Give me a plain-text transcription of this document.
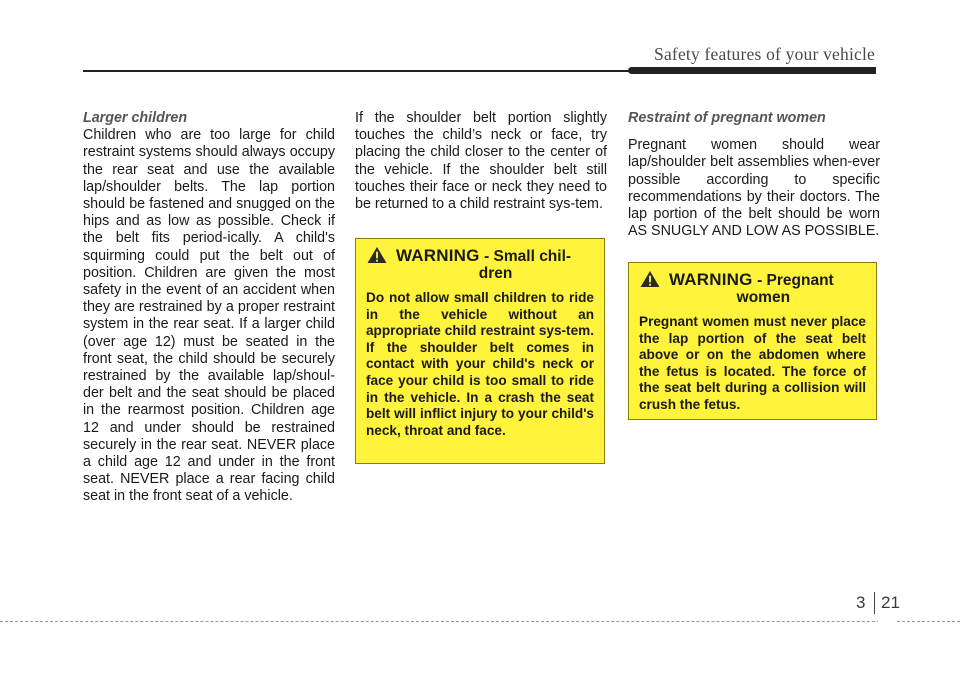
Safety features of your vehicle

Larger children

Children who are too large for child restraint systems should always occupy the rear seat and use the available lap/shoulder belts. The lap portion should be fastened and snugged on the hips and as low as possible. Check if the belt fits period-ically. A child's squirming could put the belt out of position. Children are given the most safety in the event of an accident when they are restrained by a proper restraint system in the rear seat. If a larger child (over age 12) must be seated in the front seat, the child should be securely restrained by the available lap/shoul-der belt and the seat should be placed in the rearmost position. Children age 12 and under should be restrained securely in the rear seat. NEVER place a child age 12 and under in the front seat. NEVER place a rear facing child seat in the front seat of a vehicle.

If the shoulder belt portion slightly touches the child’s neck or face, try placing the child closer to the center of the vehicle. If the shoulder belt still touches their face or neck they need to be returned to a child restraint sys-tem.

WARNING - Small chil-
dren
Do not allow small children to ride in the vehicle without an appropriate child restraint sys-tem. If the shoulder belt comes in contact with your child's neck or face your child is too small to ride in the vehicle. In a crash the seat belt will inflict injury to your child's neck, throat and face.

Restraint of pregnant women

Pregnant women should wear lap/shoulder belt assemblies when-ever possible according to specific recommendations by their doctors. The lap portion of the belt should be worn AS SNUGLY AND LOW AS POSSIBLE.

WARNING - Pregnant
women
Pregnant women must never place the lap portion of the seat belt above or on the abdomen where the fetus is located. The force of the seat belt during a collision will crush the fetus.
3 21
